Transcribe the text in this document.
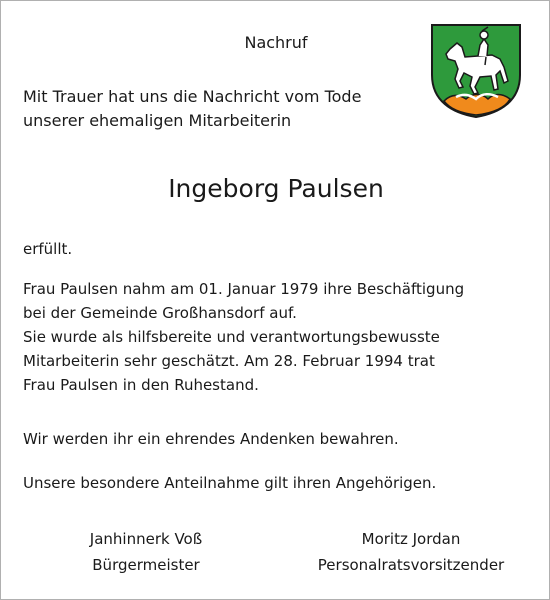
Nachruf
Mit Trauer hat uns die Nachricht vom Tode
unserer ehemaligen Mitarbeiterin
Ingeborg Paulsen
erfüllt.
Frau Paulsen nahm am 01. Januar 1979 ihre Beschäftigung
bei der Gemeinde Großhansdorf auf.
Sie wurde als hilfsbereite und verantwortungsbewusste
Mitarbeiterin sehr geschätzt. Am 28. Februar 1994 trat
Frau Paulsen in den Ruhestand.
Wir werden ihr ein ehrendes Andenken bewahren.
Unsere besondere Anteilnahme gilt ihren Angehörigen.
Janhinnerk Voß
Bürgermeister
Moritz Jordan
Personalratsvorsitzender
